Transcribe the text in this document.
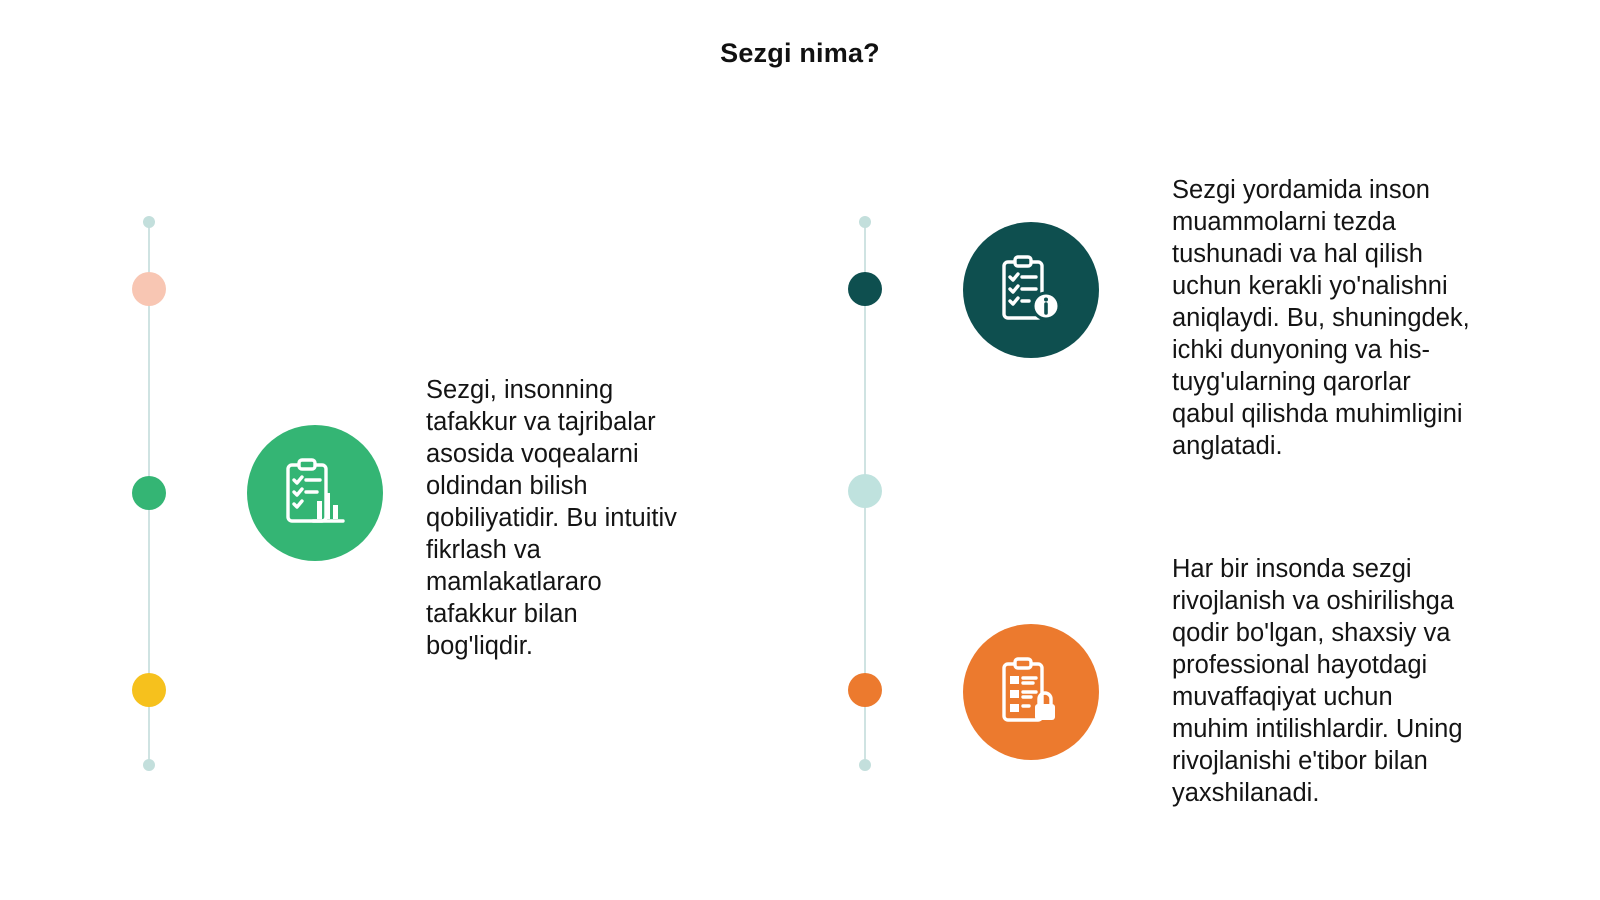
Sezgi nima?
Sezgi, insonning
tafakkur va tajribalar
asosida voqealarni
oldindan bilish
qobiliyatidir. Bu intuitiv
fikrlash va
mamlakatlararo
tafakkur bilan
bog'liqdir.
Sezgi yordamida inson
muammolarni tezda
tushunadi va hal qilish
uchun kerakli yo'nalishni
aniqlaydi. Bu, shuningdek,
ichki dunyoning va his-
tuyg'ularning qarorlar
qabul qilishda muhimligini
anglatadi.
Har bir insonda sezgi
rivojlanish va oshirilishga
qodir bo'lgan, shaxsiy va
professional hayotdagi
muvaffaqiyat uchun
muhim intilishlardir. Uning
rivojlanishi e'tibor bilan
yaxshilanadi.
